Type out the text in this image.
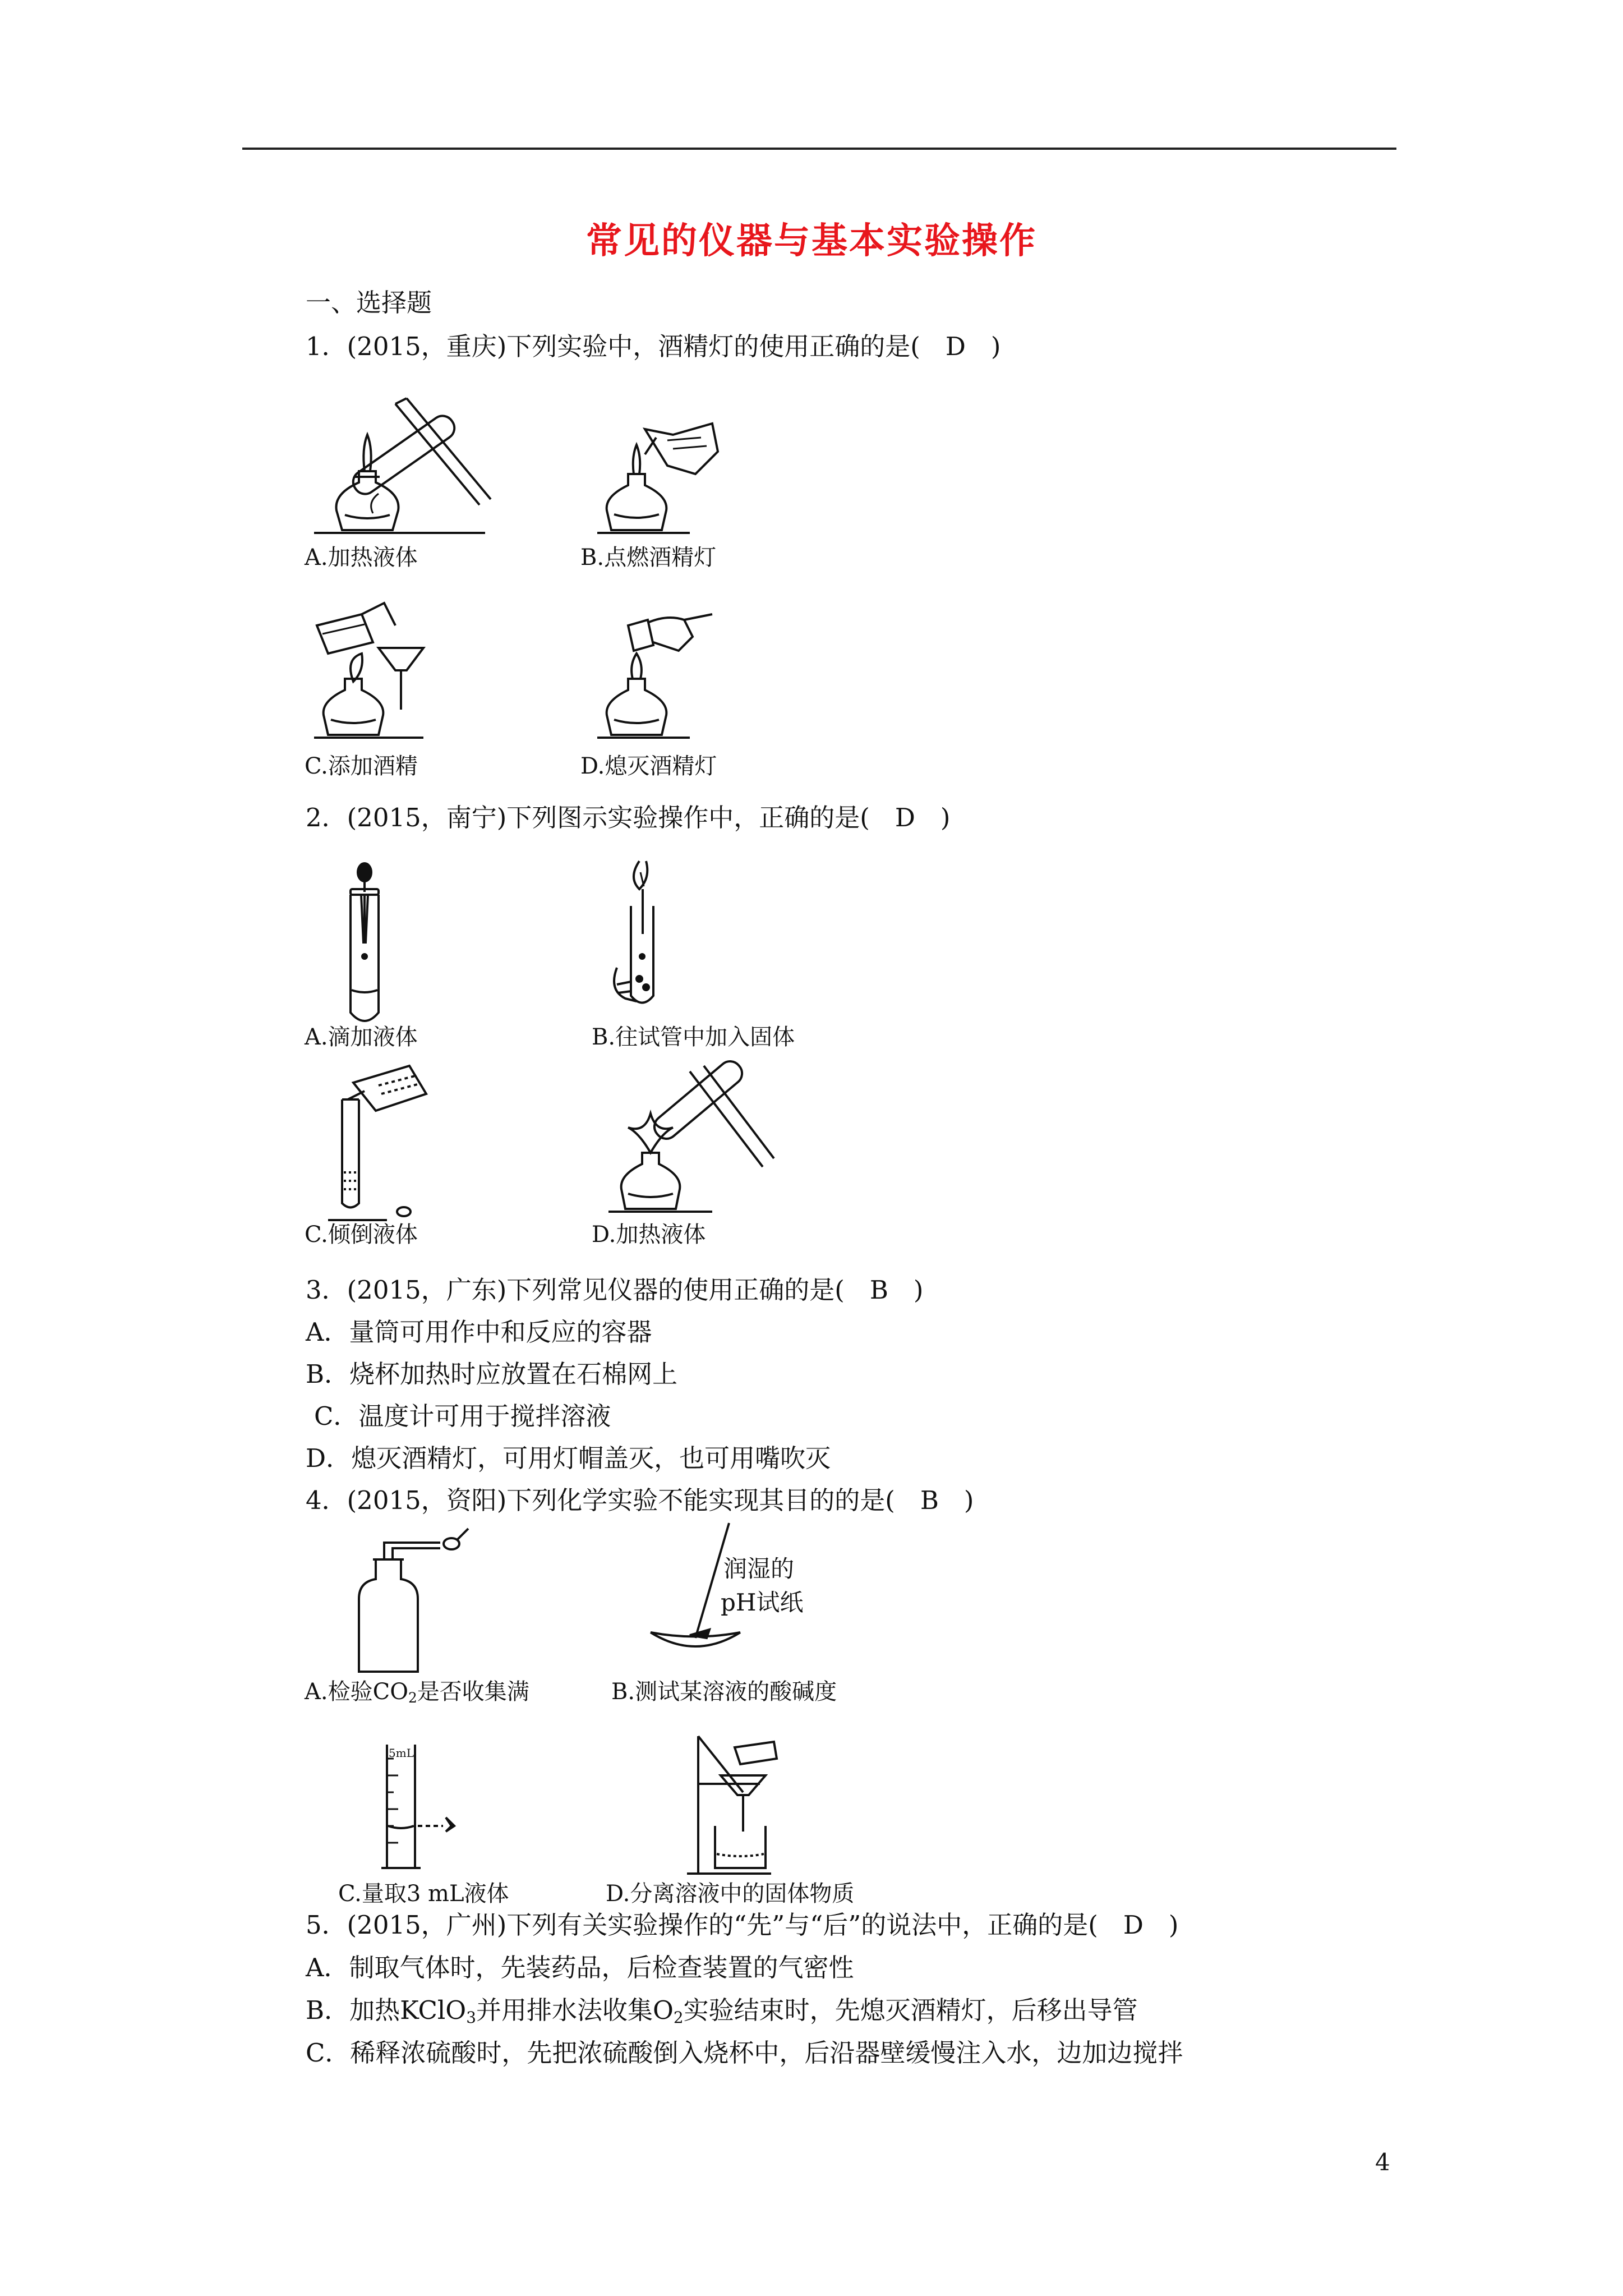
常见的仪器与基本实验操作
一、选择题
1．(2015，重庆)下列实验中，酒精灯的使用正确的是(　D　)
A.加热液体	B.点燃酒精灯
C.添加酒精	D.熄灭酒精灯
2．(2015，南宁)下列图示实验操作中，正确的是(　D　)
A.滴加液体	B.往试管中加入固体
C.倾倒液体	D.加热液体
3．(2015，广东)下列常见仪器的使用正确的是(　B　)
A．量筒可用作中和反应的容器
B．烧杯加热时应放置在石棉网上
C．温度计可用于搅拌溶液
D．熄灭酒精灯，可用灯帽盖灭，也可用嘴吹灭
4．(2015，资阳)下列化学实验不能实现其目的的是(　B　)
A.检验$CO_2$是否收集满
润湿的
pH试纸
B.测试某溶液的酸碱度
5mL
C.量取3 mL液体	D.分离溶液中的固体物质
5．(2015，广州)下列有关实验操作的“先”与“后”的说法中，正确的是(　D　)
A．制取气体时，先装药品，后检查装置的气密性
B．加热KClO$_3$并用排水法收集$O_2$实验结束时，先熄灭酒精灯，后移出导管
C．稀释浓硫酸时，先把浓硫酸倒入烧杯中，后沿器壁缓慢注入水，边加边搅拌
4
